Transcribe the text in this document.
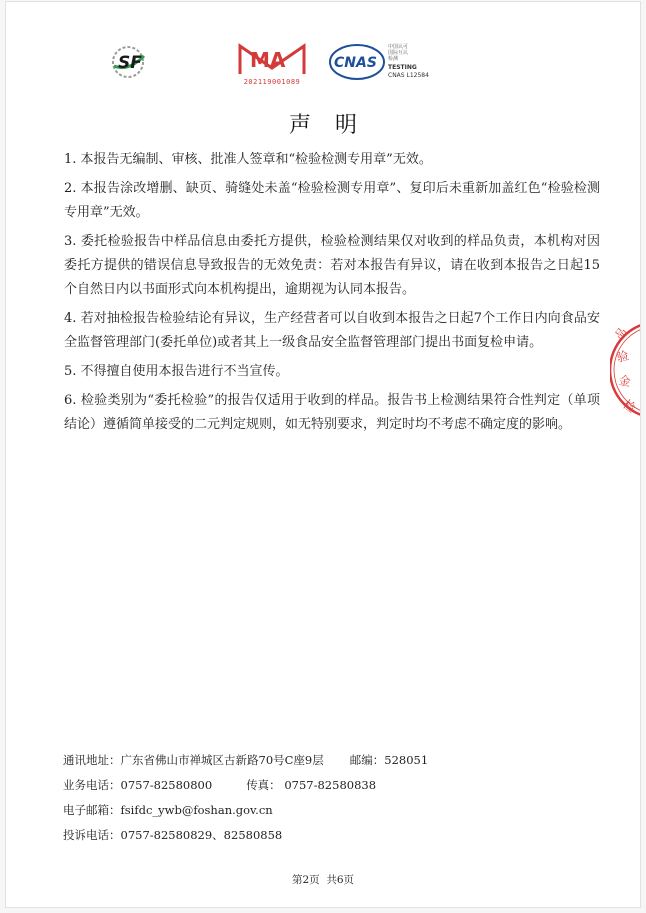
SF	MA
202119001089
CNAS
中国认可
国际互认
检测
TESTING
CNAS L12584
声明

1. 本报告无编制、审核、批准人签章和“检验检测专用章”无效。

2. 本报告涂改增删、缺页、骑缝处未盖“检验检测专用章”、复印后未重新加盖红色“检验检测专用章”无效。

3. 委托检验报告中样品信息由委托方提供，检验检测结果仅对收到的样品负责，本机构对因委托方提供的错误信息导致报告的无效免责：若对本报告有异议，请在收到本报告之日起15个自然日内以书面形式向本机构提出，逾期视为认同本报告。

4. 若对抽检报告检验结论有异议，生产经营者可以自收到本报告之日起7个工作日内向食品安全监督管理部门(委托单位)或者其上一级食品安全监督管理部门提出书面复检申请。

5. 不得擅自使用本报告进行不当宣传。

6. 检验类别为“委托检验”的报告仅适用于收到的样品。报告书上检测结果符合性判定（单项结论）遵循简单接受的二元判定规则，如无特别要求，判定时均不考虑不确定度的影响。

通讯地址：广东省佛山市禅城区古新路70号C座9层 邮编：528051
业务电话：0757-82580800	传真： 0757-82580838
电子邮箱：fsifdc_ywb@foshan.gov.cn
投诉电话：0757-82580829、82580858
第2页 共6页
品
验
金
检
